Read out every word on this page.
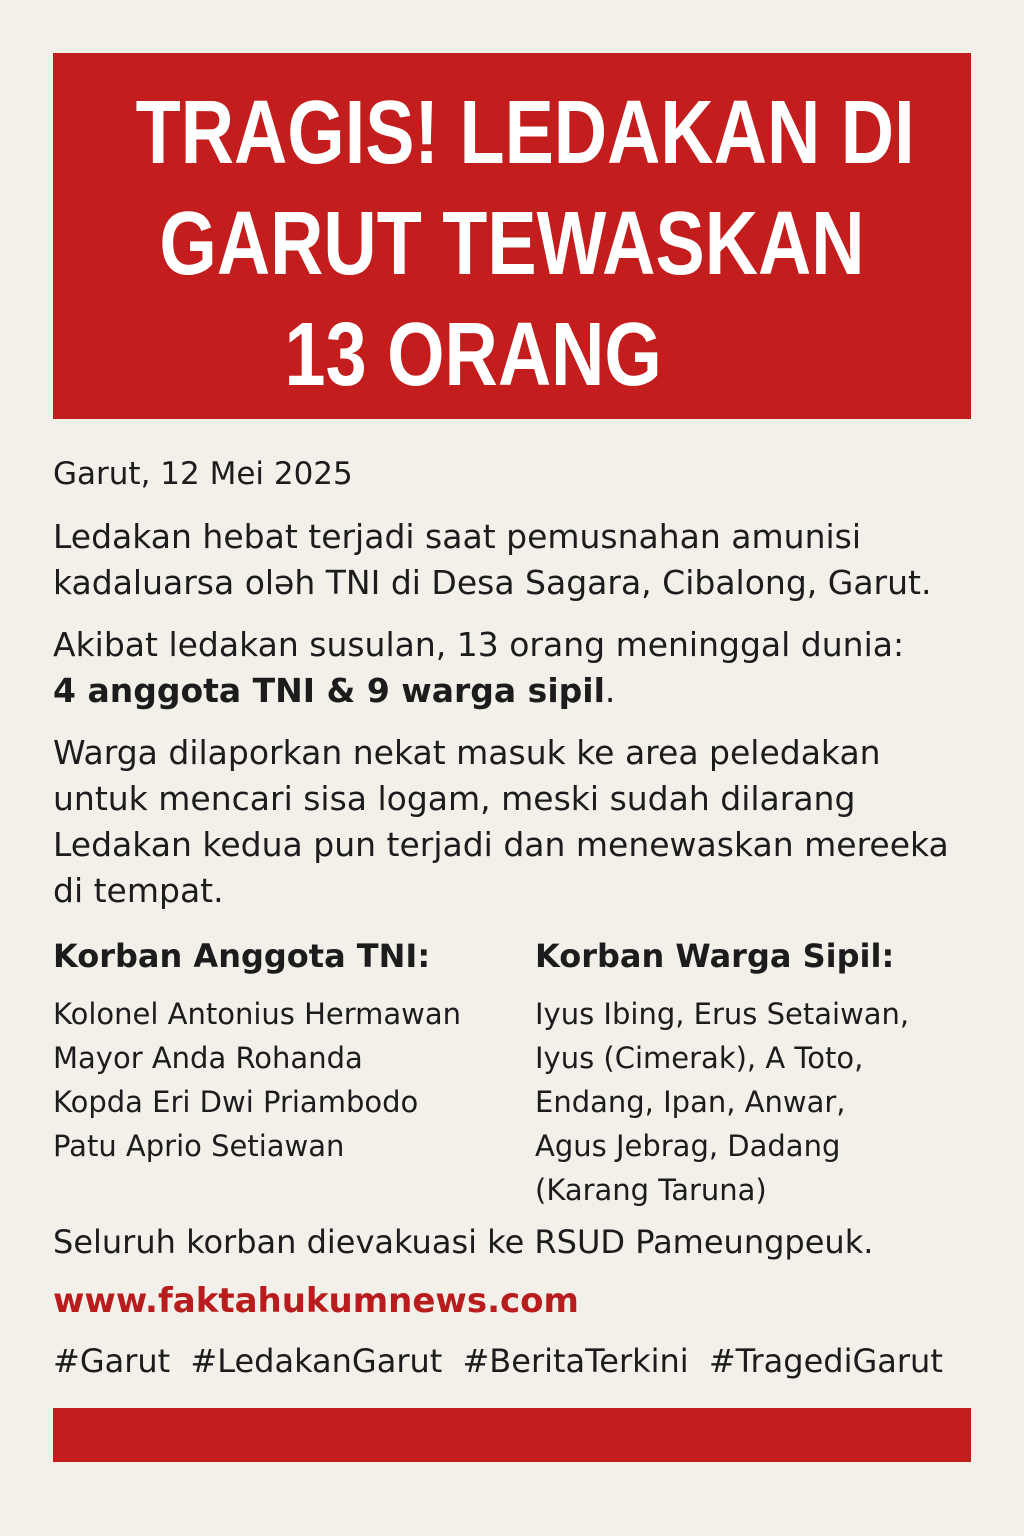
TRAGIS! LEDAKAN DI

GARUT TEWASKAN

13 ORANG

Garut, 12 Mei 2025

Ledakan hebat terjadi saat pemusnahan amunisi
kadaluarsa oləh TNI di Desa Sagara, Cibalong, Garut.
Akibat ledakan susulan, 13 orang meninggal dunia:
4 anggota TNI & 9 warga sipil.
Warga dilaporkan nekat masuk ke area peledakan
untuk mencari sisa logam, meski sudah dilarang
Ledakan kedua pun terjadi dan menewaskan mereeka
di tempat.
Korban Anggota TNI:
Kolonel Antonius Hermawan
Mayor Anda Rohanda
Kopda Eri Dwi Priambodo
Patu Aprio Setiawan
Korban Warga Sipil:
Iyus Ibing, Erus Setaiwan,
Iyus (Cimerak), A Toto,
Endang, Ipan, Anwar,
Agus Jebrag, Dadang
(Karang Taruna)

Seluruh korban dievakuasi ke RSUD Pameungpeuk.

www.faktahukumnews.com
#Garut #LedakanGarut #BeritaTerkini #TragediGarut
